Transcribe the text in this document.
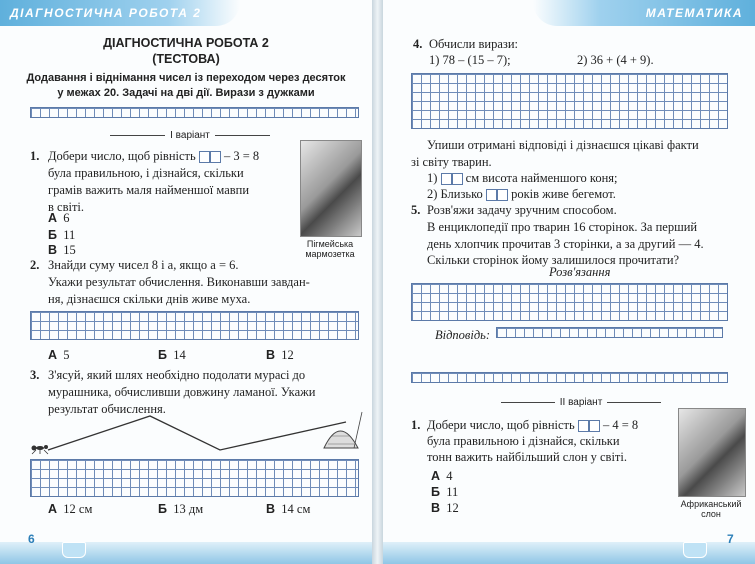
ДІАГНОСТИЧНА РОБОТА 2
ДІАГНОСТИЧНА РОБОТА 2
(ТЕСТОВА)
Додавання і віднімання чисел із переходом через десяток
у межах 20. Задачі на дві дії. Вирази з дужками
І варіант
1. Добери число, щоб рівність – 3 = 8
була правильною, і дізнайся, скільки
грамів важить маля найменшої мавпи
в світі.
А 6
Б 11
В 15	Пігмейська
мармозетка
2. Знайди суму чисел 8 і a, якщо a = 6.
Укажи результат обчислення. Виконавши завдан-
ня, дізнаєшся скільки днів живе муха.
А 5	Б 14	В 12
3. З'ясуй, який шлях необхідно подолати мурасі до
мурашника, обчисливши довжину ламаної. Укажи
результат обчислення.
А 12 см	Б 13 дм	В 14 см
6
МАТЕМАТИКА
4. Обчисли вирази:
1) 78 – (15 – 7);	2) 36 + (4 + 9).
Упиши отримані відповіді і дізнаєшся цікаві факти
зі світу тварин.
1) см висота найменшого коня;
2) Близько років живе бегемот.
5. Розв'яжи задачу зручним способом.
В енциклопедії про тварин 16 сторінок. За перший
день хлопчик прочитав 3 сторінки, а за другий — 4.
Скільки сторінок йому залишилося прочитати?
Розв'язання
Відповідь:
ІІ варіант
1. Добери число, щоб рівність – 4 = 8
була правильною і дізнайся, скільки
тонн важить найбільший слон у світі.
А 4
Б 11
В 12	Африканський
слон
7
